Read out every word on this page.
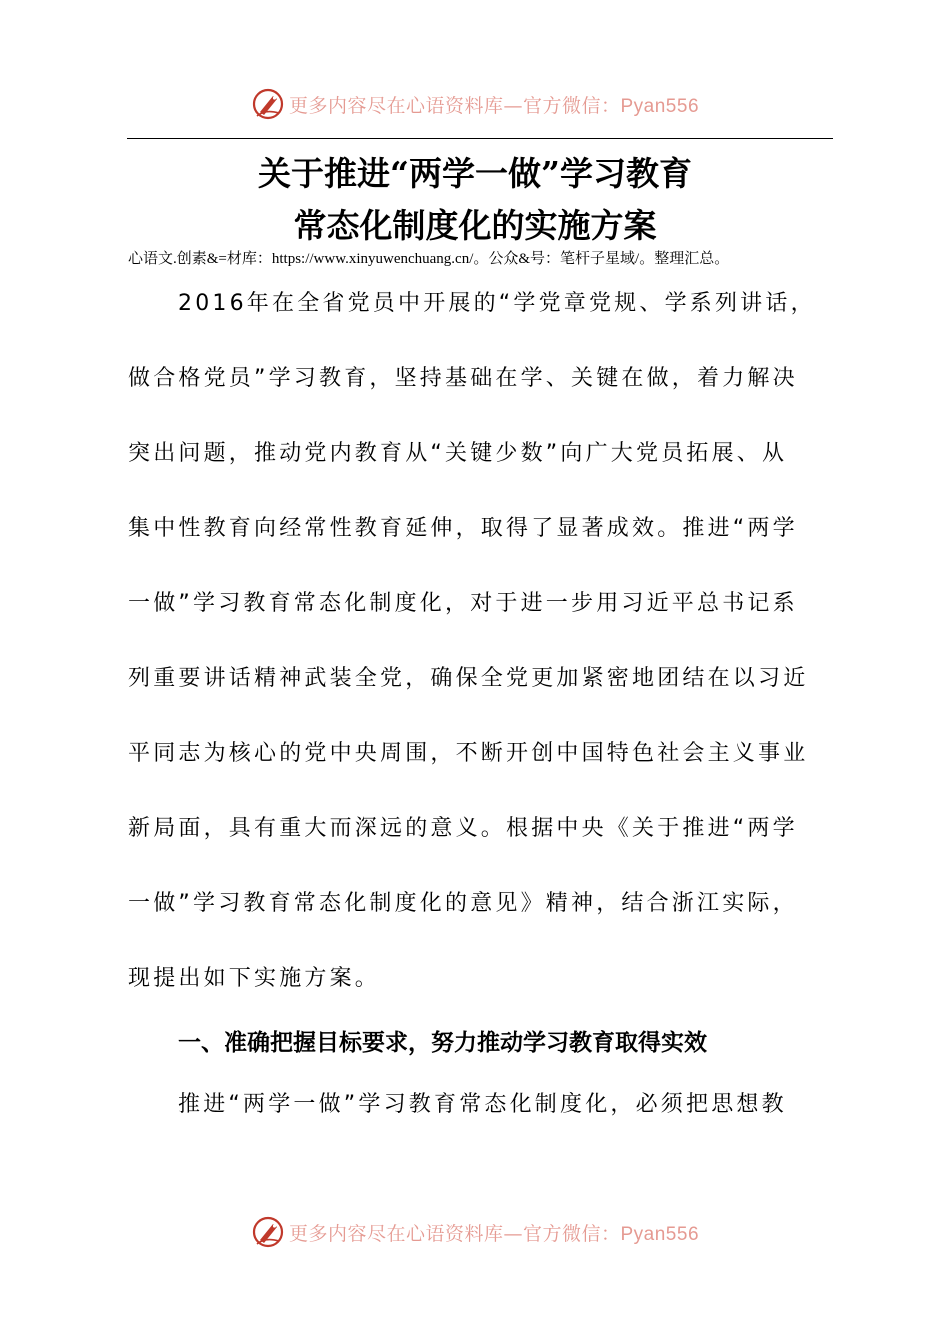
更多内容尽在心语资料库—官方微信：Pyan556
关于推进“两学一做”学习教育
常态化制度化的实施方案
心语文.创素&=材库：https://www.xinyuwenchuang.cn/。公众&号：笔杆子星域/。整理汇总。
2016年在全省党员中开展的“学党章党规、学系列讲话，
做合格党员”学习教育，坚持基础在学、关键在做，着力解决
突出问题，推动党内教育从“关键少数”向广大党员拓展、从
集中性教育向经常性教育延伸，取得了显著成效。推进“两学
一做”学习教育常态化制度化，对于进一步用习近平总书记系
列重要讲话精神武装全党，确保全党更加紧密地团结在以习近
平同志为核心的党中央周围，不断开创中国特色社会主义事业
新局面，具有重大而深远的意义。根据中央《关于推进“两学
一做”学习教育常态化制度化的意见》精神，结合浙江实际，
现提出如下实施方案。
一、准确把握目标要求，努力推动学习教育取得实效
推进“两学一做”学习教育常态化制度化，必须把思想教
更多内容尽在心语资料库—官方微信：Pyan556
